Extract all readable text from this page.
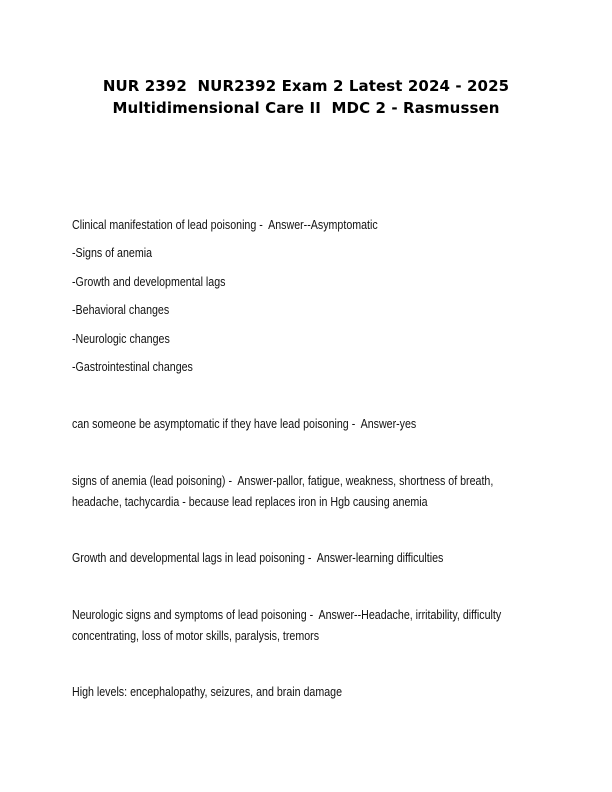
NUR 2392  NUR2392 Exam 2 Latest 2024 - 2025
Multidimensional Care II  MDC 2 - Rasmussen

Clinical manifestation of lead poisoning -  Answer--Asymptomatic

-Signs of anemia

-Growth and developmental lags

-Behavioral changes

-Neurologic changes

-Gastrointestinal changes

can someone be asymptomatic if they have lead poisoning -  Answer-yes

signs of anemia (lead poisoning) -  Answer-pallor, fatigue, weakness, shortness of breath,

headache, tachycardia - because lead replaces iron in Hgb causing anemia

Growth and developmental lags in lead poisoning -  Answer-learning difficulties

Neurologic signs and symptoms of lead poisoning -  Answer--Headache, irritability, difficulty

concentrating, loss of motor skills, paralysis, tremors

High levels: encephalopathy, seizures, and brain damage
